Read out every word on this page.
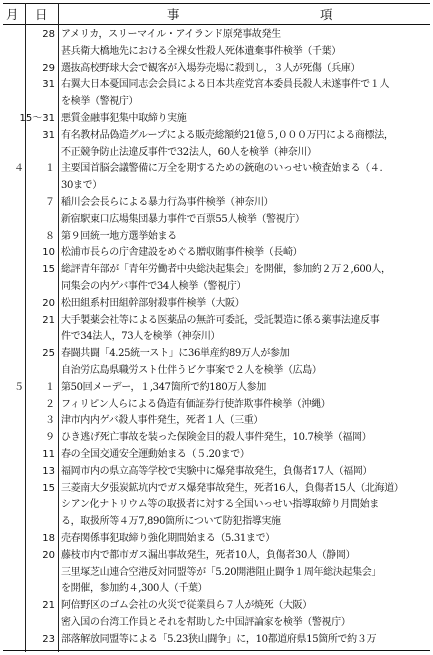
月 日	事	項
28 アメリカ，スリーマイル・アイランド原発事故発生
甚兵衛大橋地先における全裸女性殺人死体遺棄事件検挙（千葉）
29 選抜高校野球大会で観客が入場券売場に殺到し，３人が死傷（兵庫）
31 右翼大日本憂国同志会会員による日本共産党宮本委員長殺人未遂事件で１人
を検挙（警視庁）
15～31 悪質金融事犯集中取締り実施
31 有名教材品偽造グループによる販売総額約21億５,０００万円による商標法，
不正競争防止法違反事件で32法人，60人を検挙（神奈川）
４	１ 主要国首脳会議警備に万全を期するための銃砲のいっせい検査始まる（４.
30まで）
７ 稲川会会長らによる暴力行為事件検挙（神奈川）
新宿駅東口広場集団暴力事件で百票55人検挙（警視庁）
８ 第９回統一地方選挙始まる
10 松浦市長らの庁舎建設をめぐる贈収賄事件検挙（長崎）
15 総評青年部が「青年労働者中央総決起集会」を開催，参加約２万２,600人，
同集会の内ゲバ事件で34人検挙（警視庁）
20 松田組系村田組幹部射殺事件検挙（大阪）
21 大手製薬会社等による医薬品の無許可委託，受託製造に係る薬事法違反事
件で34法人，73人を検挙（神奈川）
25 春闘共闘「4.25統一スト」に36単産約89万人が参加
自治労広島県職労スト仕伴うビケ事案で２人を検挙（広島）
５	１ 第50回メーデー，１,347箇所で約180万人参加
２ フィリピン人らによる偽造有価証券行使詐欺事件検挙（沖縄）
３ 津市内内ゲバ殺人事件発生，死者１人（三重）
９ ひき逃げ死亡事故を装った保険金目的殺人事件発生，10.7検挙（福岡）
11 春の全国交通安全運動始まる（５.20まで）
13 福岡市内の県立高等学校で実験中に爆発事故発生，負傷者17人（福岡）
15 三菱南大夕張炭鉱坑内でガス爆発事故発生，死者16人，負傷者15人（北海道）
シアン化ナトリウム等の取扱者に対する全国いっせい指導取締り月間始ま
る，取扱所等４万7,890箇所について防犯指導実施
18 売春関係事犯取締り強化期間始まる（5.31まで）
20 藤枝市内で都市ガス漏出事故発生，死者10人，負傷者30人（静岡）
三里塚芝山連合空港反対同盟等が「5.20開港阻止闘争１周年総決起集会」
を開催，参加約４,300人（千葉）
21 阿倍野区のゴム会社の火災で従業員ら７人が焼死（大阪）
密入国の台湾工作員とそれを幇助した中国評論家を検挙（警視庁）
23 部落解放同盟等による「5.23狭山闘争」に，10都道府県15箇所で約３万
